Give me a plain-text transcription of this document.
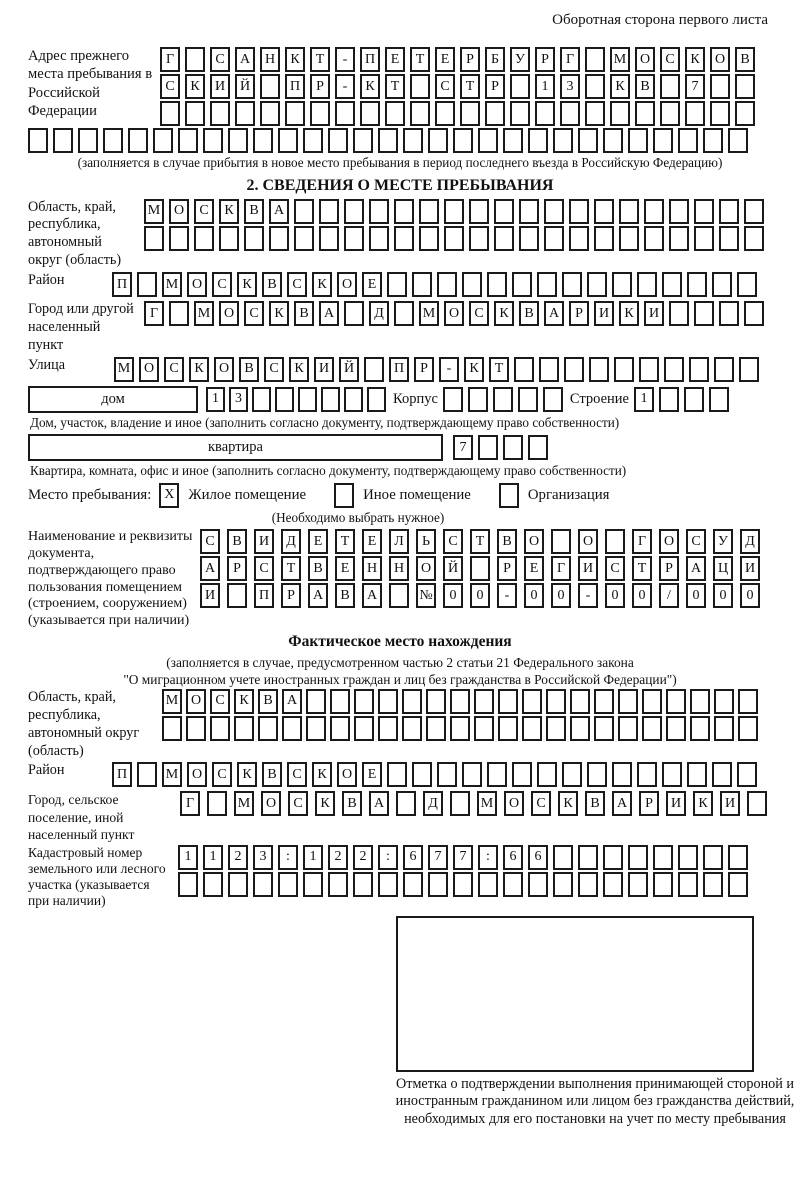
Оборотная сторона первого листа
Адрес прежнего места пребывания в Российской Федерации
Г	С	А	Н	К	Т	-	П	Е	Т	Е	Р	Б	У	Р	Г	М О	С	К	О	В
С	К	И	Й	П	Р	-	К	Т	С	Т	Р	1	3	К	В	7
(заполняется в случае прибытия в новое место пребывания в период последнего въезда в Российскую Федерацию)
2. СВЕДЕНИЯ О МЕСТЕ ПРЕБЫВАНИЯ
Область, край, республика, автономный округ (область)
М О	С	К	В	А
Район	П	М О	С	К	В	С	К	О	Е
Город или другой населенный пункт
Г	М О	С	К	В	А	Д	М О	С	К	В	А	Р	И	К	И
Улица	М О	С	К	О	В	С	К	И	Й	П	Р	-	К	Т
дом	1	3	Корпус	Строение 1
Дом, участок, владение и иное (заполнить согласно документу, подтверждающему право собственности)
квартира	7
Квартира, комната, офис и иное (заполнить согласно документу, подтверждающему право собственности)
Место пребывания: X Жилое помещение	Иное помещение	Организация
(Необходимо выбрать нужное)
Наименование и реквизиты документа, подтверждающего право пользования помещением (строением, сооружением) (указывается при наличии)
С	В	И	Д	Е	Т	Е	Л	Ь	С	Т	В	О	О	Г	О	С	У	Д
А	Р	С	Т	В	Е	Н	Н	О	Й	Р	Е	Г	И	С	Т	Р	А	Ц	И
И	П	Р	А	В	А	№	0	0	-	0	0	-	0	0	/	0	0	0
Фактическое место нахождения
(заполняется в случае, предусмотренном частью 2 статьи 21 Федерального закона
"О миграционном учете иностранных граждан и лиц без гражданства в Российской Федерации")
Область, край, республика, автономный округ (область)
М О	С	К	В	А
Район	П	М О	С	К	В	С	К	О	Е
Город, сельское поселение, иной населенный пункт
Г	М	О	С	К	В	А	Д	М	О	С	К	В	А	Р	И	К	И
Кадастровый номер земельного или лесного участка (указывается при наличии)
1	1	2	3	:	1	2	2	:	6	7	7	:	6	6
Отметка о подтверждении выполнения принимающей стороной и иностранным гражданином или лицом без гражданства действий, необходимых для его постановки на учет по месту пребывания
